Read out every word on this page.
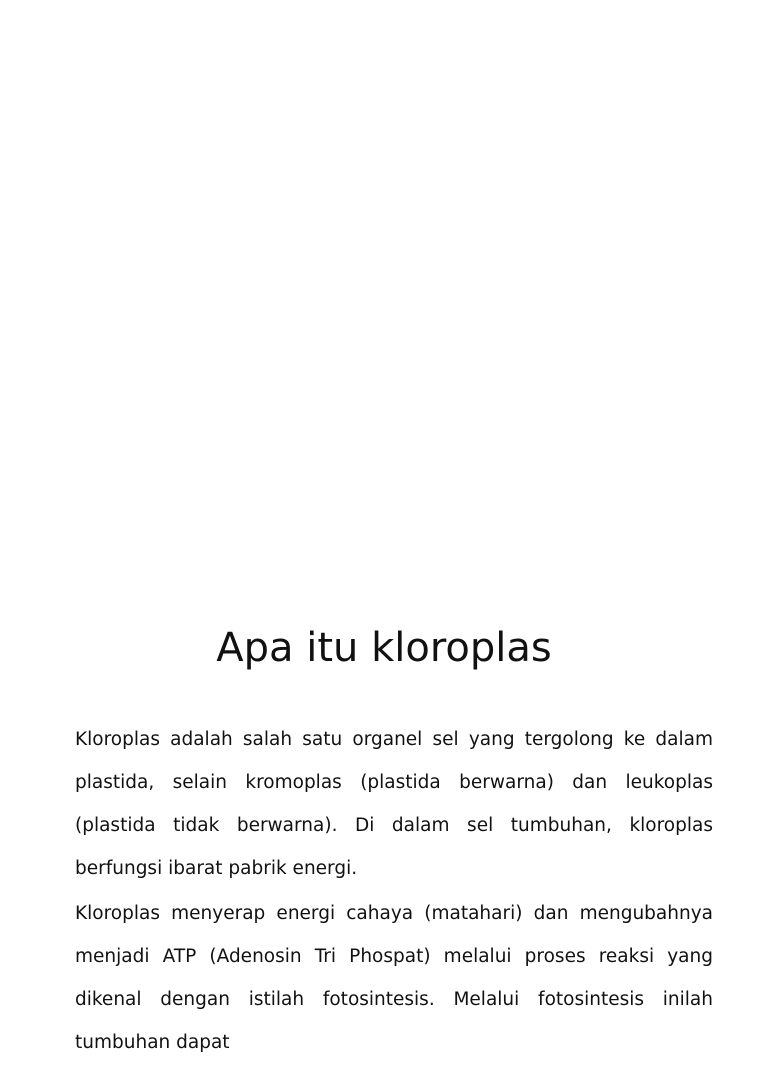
Apa itu kloroplas

Kloroplas adalah salah satu organel sel yang tergolong ke dalam plastida, selain kromoplas (plastida berwarna) dan leukoplas (plastida tidak berwarna). Di dalam sel tumbuhan, kloroplas berfungsi ibarat pabrik energi.

Kloroplas menyerap energi cahaya (matahari) dan mengubahnya menjadi ATP (Adenosin Tri Phospat) melalui proses reaksi yang dikenal dengan istilah fotosintesis. Melalui fotosintesis inilah tumbuhan dapat
